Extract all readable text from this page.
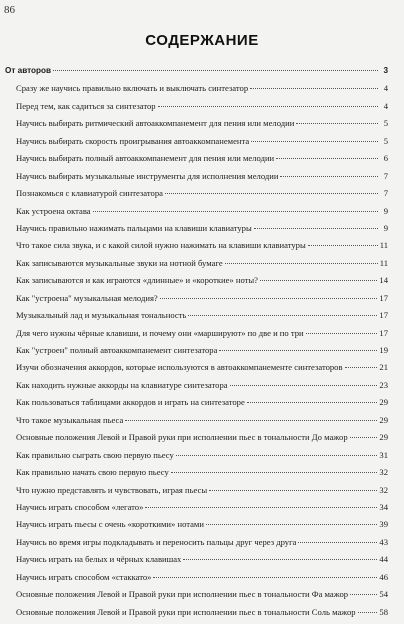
86
СОДЕРЖАНИЕ
От авторов	3
Сразу же научись правильно включать и выключать синтезатор	4
Перед тем, как садиться за синтезатор	4
Научись выбирать ритмический автоаккомпанемент для пения или мелодии	5
Научись выбирать скорость проигрывания автоаккомпанемента	5
Научись выбирать полный автоаккомпанемент для пения или мелодии	6
Научись выбирать музыкальные инструменты для исполнения мелодии	7
Познакомься с клавиатурой синтезатора	7
Как устроена октава	9
Научись правильно нажимать пальцами на клавиши клавиатуры	9
Что такое сила звука, и с какой силой нужно нажимать на клавиши клавиатуры	11
Как записываются музыкальные звуки на нотной бумаге	11
Как записываются и как играются «длинные» и «короткие» ноты?	14
Как "устроена" музыкальная мелодия?	17
Музыкальный лад и музыкальная тональность	17
Для чего нужны чёрные клавиши, и почему они «маршируют» по две и по три	17
Как "устроен" полный автоаккомпанемент синтезатора	19
Изучи обозначения аккордов, которые используются в автоаккомпанементе синтезаторов	21
Как находить нужные аккорды на клавиатуре синтезатора	23
Как пользоваться таблицами аккордов и играть на синтезаторе	29
Что такое музыкальная пьеса	29
Основные положения Левой и Правой руки при исполнении пьес в тональности До мажор	29
Как правильно сыграть свою первую пьесу	31
Как правильно начать свою первую пьесу	32
Что нужно представлять и чувствовать, играя пьесы	32
Научись играть способом «легато»	34
Научись играть пьесы с очень «короткими» нотами	39
Научись во время игры подкладывать и переносить пальцы друг через друга	43
Научись играть на белых и чёрных клавишах	44
Научись играть способом «стаккато»	46
Основные положения Левой и Правой руки при исполнении пьес в тональности Фа мажор	54
Основные положения Левой и Правой руки при исполнении пьес в тональности Соль мажор	58
